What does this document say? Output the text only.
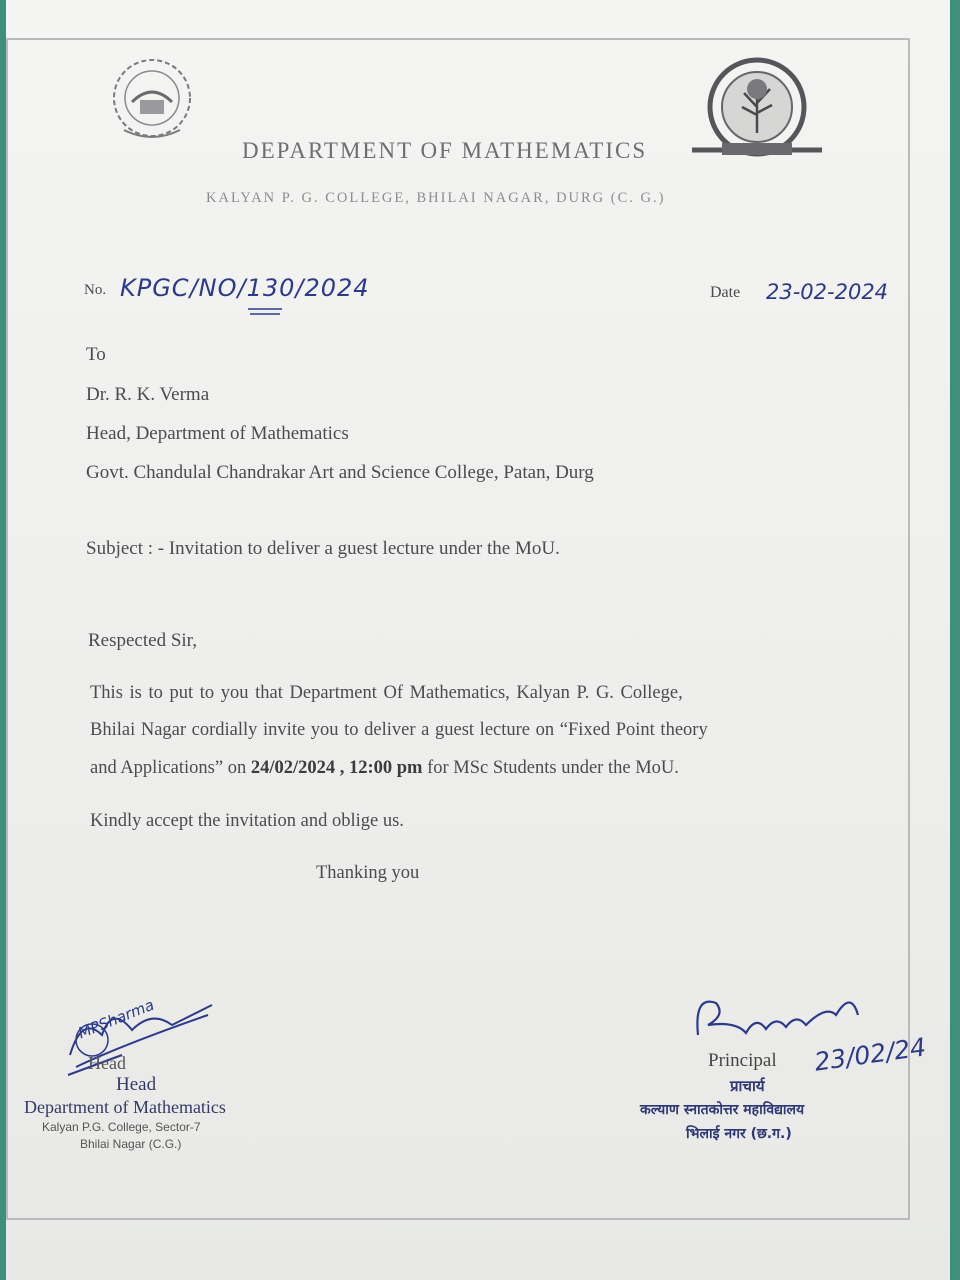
DEPARTMENT OF MATHEMATICS
KALYAN P. G. COLLEGE, BHILAI NAGAR, DURG (C. G.)
No. KPGC/NO/130/2024	Date 23-02-2024
To
Dr. R. K. Verma
Head, Department of Mathematics
Govt. Chandulal Chandrakar Art and Science College, Patan, Durg
Subject : - Invitation to deliver a guest lecture under the MoU.
Respected Sir,
This is to put to you that Department Of Mathematics, Kalyan P. G. College,
Bhilai Nagar cordially invite you to deliver a guest lecture on “Fixed Point theory
and Applications” on 24/02/2024 , 12:00 pm for MSc Students under the MoU.
Kindly accept the invitation and oblige us.
Thanking you
MPSharma
Head
Head
Department of Mathematics
Kalyan P.G. College, Sector-7
Bhilai Nagar (C.G.)
Principal 23/02/24
प्राचार्य
कल्याण स्नातकोत्तर महाविद्यालय
भिलाई नगर (छ.ग.)
